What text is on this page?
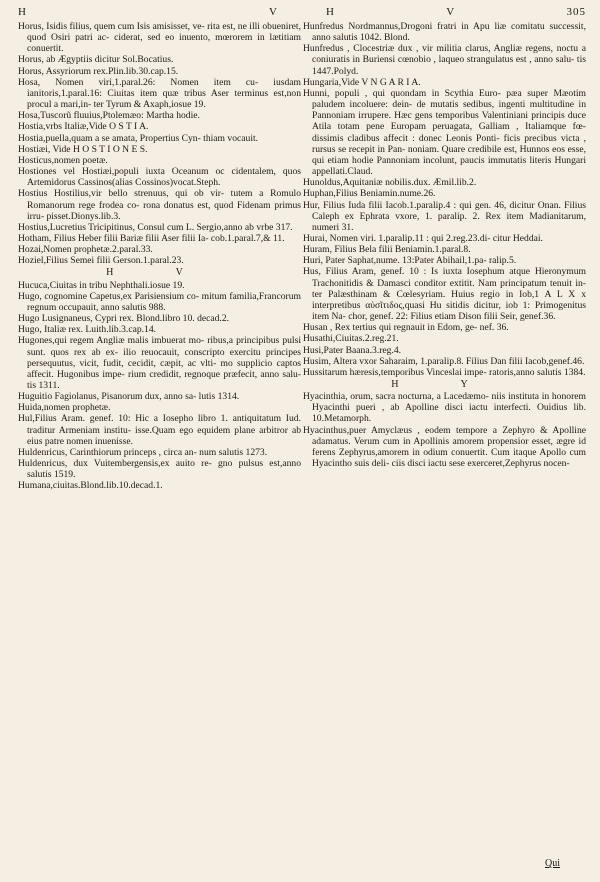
H	V	H	V	305

Horus, Isidis filius, quem cum Isis amisisset, ve- rita est, ne illi obueniret, quod Osiri patri ac- ciderat, sed eo inuento, mœrorem in lætitiam conuertit.

Horus, ab Ægyptiis dicitur Sol.Bocatius.

Horus, Assyriorum rex.Plin.lib.30.cap.15.

Hosa, Nomen viri,1.paral.26: Nomen item cu- iusdam ianitoris,1.paral.16: Ciuitas item quæ tribus Aser terminus est,non procul a mari,in- ter Tyrum & Axaph,iosue 19.

Hosa,Tuscorũ fluuius,Ptolemæo: Martha hodie.

Hostia,vrbs Italiæ,Vide O S T I A.

Hostia,puella,quam a se amata, Propertius Cyn- thiam vocauit.

Hostiæi, Vide H O S T I O N E S.

Hosticus,nomen poetæ.

Hostiones vel Hostiæi,populi iuxta Oceanum oc cidentalem, quos Artemidorus Cassinos(alias Cossinos)vocat.Steph.

Hostius Hostilius,vir bello strenuus, qui ob vir- tutem a Romulo Romanorum rege frodea co- rona donatus est, quod Fidenam primus irru- pisset.Dionys.lib.3.

Hostius,Lucretius Tricipitinus, Consul cum L. Sergio,anno ab vrbe 317.

Hotham, Filius Heber filii Bariæ filii Aser filii Ia- cob.1.paral.7,& 11.

Hozai,Nomen prophetæ.2.paral.33.

Hoziel,Filius Semei filii Gerson.1.paral.23.

H V

Hucuca,Ciuitas in tribu Nephthali.iosue 19.

Hugo, cognomine Capetus,ex Parisiensium co- mitum familia,Francorum regnum occupauit, anno salutis 988.

Hugo Lusignaneus, Cypri rex. Blond.libro 10. decad.2.

Hugo, Italiæ rex. Luith.lib.3.cap.14.

Hugones,qui regem Angliæ malis imbuerat mo- ribus,a principibus pulsi sunt. quos rex ab ex- ilio reuocauit, conscripto exercitu principes persequutus, vicit, fudit, cecidit, cæpit, ac vlti- mo supplicio captos affecit. Hugonibus impe- rium credidit, regnoque præfecit, anno salu- tis 1311.

Huguitio Fagiolanus, Pisanorum dux, anno sa- lutis 1314.

Huida,nomen prophetæ.

Hul,Filius Aram. genef. 10: Hic a Iosepho libro 1. antiquitatum Iud. traditur Armeniam institu- isse.Quam ego equidem plane arbitror ab eius patre nomen inuenisse.

Huldenricus, Carinthiorum princeps , circa an- num salutis 1273.

Huldenricus, dux Vuitembergensis,ex auito re- gno pulsus est,anno salutis 1519.

Humana,ciuitas.Blond.lib.10.decad.1.

Hunfredus Nordmannus,Drogoni fratri in Apu liæ comitatu successit, anno salutis 1042. Blond.

Hunfredus , Clocestriæ dux , vir militia clarus, Angliæ regens, noctu a coniuratis in Buriensi cœnobio , laqueo strangulatus est , anno salu- tis 1447.Polyd.

Hungaria,Vide V N G A R I A.

Hunni, populi , qui quondam in Scythia Euro- pæa super Mæotim paludem incoluere: dein- de mutatis sedibus, ingenti multitudine in Pannoniam irrupere. Hæc gens temporibus Valentiniani principis duce Atila totam pene Europam peruagata, Galliam , Italiamque fœ- dissimis cladibus affecit : donec Leonis Ponti- ficis precibus victa , rursus se recepit in Pan- noniam. Quare credibile est, Hunnos eos esse, qui etiam hodie Pannoniam incolunt, paucis immutatis literis Hungari appellati.Claud.

Hunoldus,Aquitaniæ nobilis.dux. Æmil.lib.2.

Huphan,Filius Beniamin.nume.26.

Hur, Filius Iuda filii Iacob.1.paralip.4 : qui gen. 46, dicitur Onan. Filius Caleph ex Ephrata vxore, 1. paralip. 2. Rex item Madianitarum, numeri 31.

Hurai, Nomen viri. 1.paralip.11 : qui 2.reg.23.di- citur Heddai.

Huram, Filius Bela filii Beniamin.1.paral.8.

Huri, Pater Saphat,nume. 13:Pater Abihail,1.pa- ralip.5.

Hus, Filius Aram, genef. 10 : Is iuxta Iosephum atque Hieronymum Trachonitidis & Damasci conditor extitit. Nam principatum tenuit in- ter Palæsthinam & Cœlesyriam. Huius regio in Iob,1 A L X x interpretibus αὐσῖτιδος,quasi Hu sitidis dicitur, iob 1: Primogenitus item Na- chor, genef. 22: Filius etiam Dison filii Seir, genef.36.

Husan , Rex tertius qui regnauit in Edom, ge- nef. 36.

Husathi,Ciuitas.2.reg.21.

Husi,Pater Baana.3.reg.4.

Husim, Altera vxor Saharaim, 1.paralip.8. Filius Dan filii Iacob,genef.46.

Hussitarum hæresis,temporibus Vinceslai impe- ratoris,anno salutis 1384.

H Y

Hyacinthia, orum, sacra nocturna, a Lacedæmo- niis instituta in honorem Hyacinthi pueri , ab Apolline disci iactu interfecti. Ouidius lib. 10.Metamorph.

Hyacinthus,puer Amyclæus , eodem tempore a Zephyro & Apolline adamatus. Verum cum in Apollinis amorem propensior esset, ægre id ferens Zephyrus,amorem in odium conuertit. Cum itaque Apollo cum Hyacintho suis deli- ciis disci iactu sese exerceret,Zephyrus nocen-

Qui
